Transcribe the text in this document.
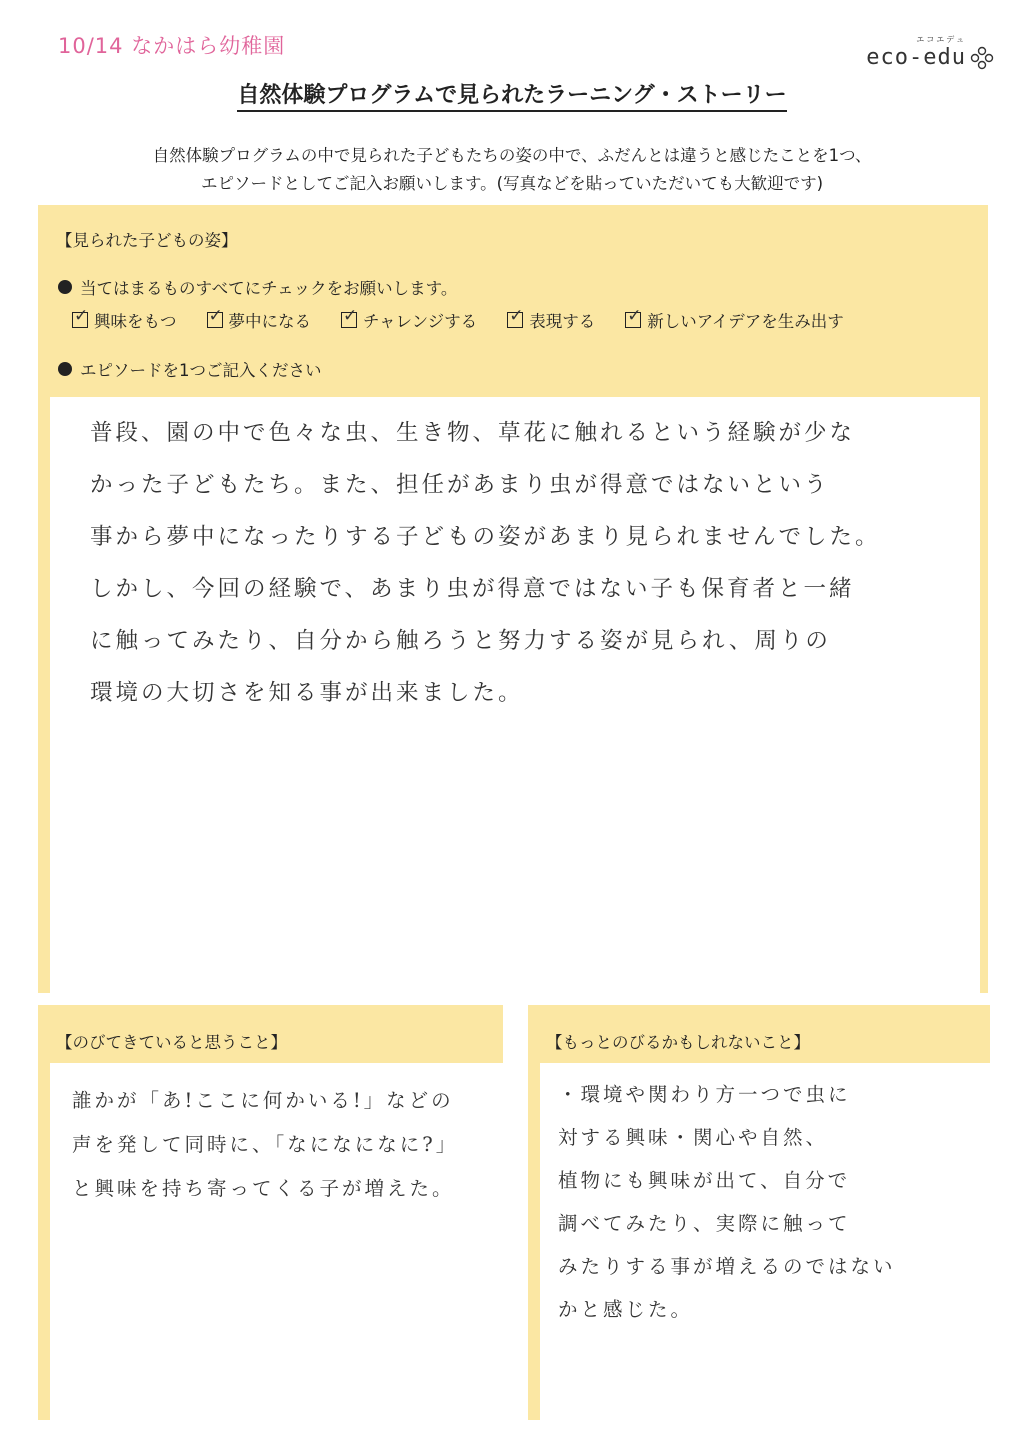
10/14 なかはら幼稚園	エコエデュ
eco-edu
自然体験プログラムで見られたラーニング・ストーリー
自然体験プログラムの中で見られた子どもたちの姿の中で、ふだんとは違うと感じたことを1つ、
エピソードとしてご記入お願いします。(写真などを貼っていただいても大歓迎です)
【見られた子どもの姿】
当てはまるものすべてにチェックをお願いします。
✓ 興味をもつ ✓ 夢中になる ✓ チャレンジする ✓ 表現する ✓ 新しいアイデアを生み出す
エピソードを1つご記入ください

普段、園の中で色々な虫、生き物、草花に触れるという経験が少な

かった子どもたち。また、担任があまり虫が得意ではないという

事から夢中になったりする子どもの姿があまり見られませんでした。

しかし、今回の経験で、あまり虫が得意ではない子も保育者と一緒

に触ってみたり、自分から触ろうと努力する姿が見られ、周りの

環境の大切さを知る事が出来ました。

【のびてきていると思うこと】

誰かが「あ!ここに何かいる!」などの

声を発して同時に、「なになになに?」

と興味を持ち寄ってくる子が増えた。

【もっとのびるかもしれないこと】

・環境や関わり方一つで虫に

対する興味・関心や自然、

植物にも興味が出て、自分で

調べてみたり、実際に触って

みたりする事が増えるのではない

かと感じた。
